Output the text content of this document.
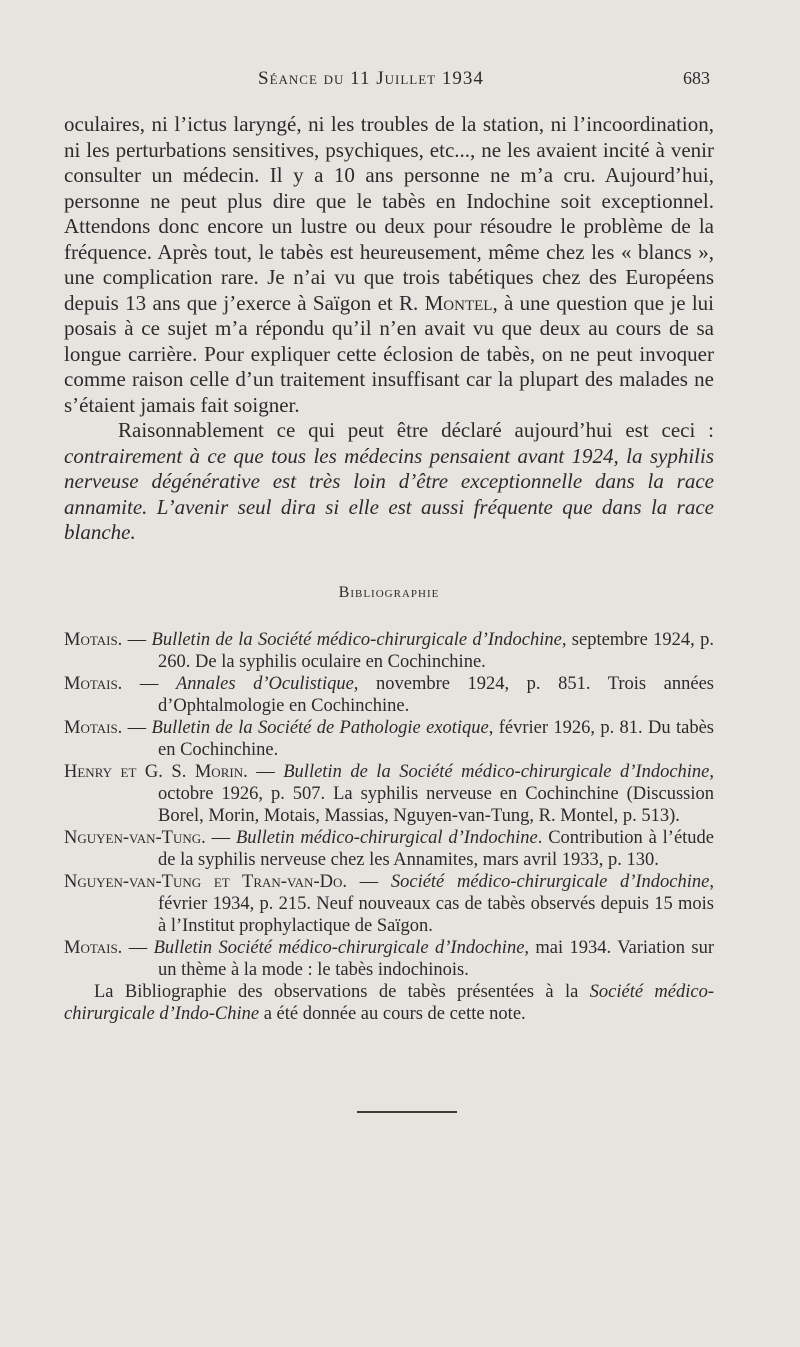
Séance du 11 Juillet 1934	683

oculaires, ni l’ictus laryngé, ni les troubles de la station, ni l’incoordination, ni les perturbations sensitives, psychiques, etc..., ne les avaient incité à venir consulter un médecin. Il y a 10 ans personne ne m’a cru. Aujourd’hui, personne ne peut plus dire que le tabès en Indochine soit exceptionnel. Attendons donc encore un lustre ou deux pour résoudre le problème de la fréquence. Après tout, le tabès est heureusement, même chez les « blancs », une complication rare. Je n’ai vu que trois tabétiques chez des Européens depuis 13 ans que j’exerce à Saïgon et R. Montel, à une question que je lui posais à ce sujet m’a répondu qu’il n’en avait vu que deux au cours de sa longue carrière. Pour expliquer cette éclosion de tabès, on ne peut invoquer comme raison celle d’un traitement insuffisant car la plupart des malades ne s’étaient jamais fait soigner.

Raisonnablement ce qui peut être déclaré aujourd’hui est ceci : contrairement à ce que tous les médecins pensaient avant 1924, la syphilis nerveuse dégénérative est très loin d’être exceptionnelle dans la race annamite. L’avenir seul dira si elle est aussi fréquente que dans la race blanche.

Bibliographie

Motais. — Bulletin de la Société médico-chirurgicale d’Indochine, septembre 1924, p. 260. De la syphilis oculaire en Cochinchine.

Motais. — Annales d’Oculistique, novembre 1924, p. 851. Trois années d’Ophtalmologie en Cochinchine.

Motais. — Bulletin de la Société de Pathologie exotique, février 1926, p. 81. Du tabès en Cochinchine.

Henry et G. S. Morin. — Bulletin de la Société médico-chirurgicale d’Indochine, octobre 1926, p. 507. La syphilis nerveuse en Cochinchine (Discussion Borel, Morin, Motais, Massias, Nguyen-van-Tung, R. Montel, p. 513).

Nguyen-van-Tung. — Bulletin médico-chirurgical d’Indochine. Contribution à l’étude de la syphilis nerveuse chez les Annamites, mars avril 1933, p. 130.

Nguyen-van-Tung et Tran-van-Do. — Société médico-chirurgicale d’Indochine, février 1934, p. 215. Neuf nouveaux cas de tabès observés depuis 15 mois à l’Institut prophylactique de Saïgon.

Motais. — Bulletin Société médico-chirurgicale d’Indochine, mai 1934. Variation sur un thème à la mode : le tabès indochinois.

La Bibliographie des observations de tabès présentées à la Société médico-chirurgicale d’Indo-Chine a été donnée au cours de cette note.
